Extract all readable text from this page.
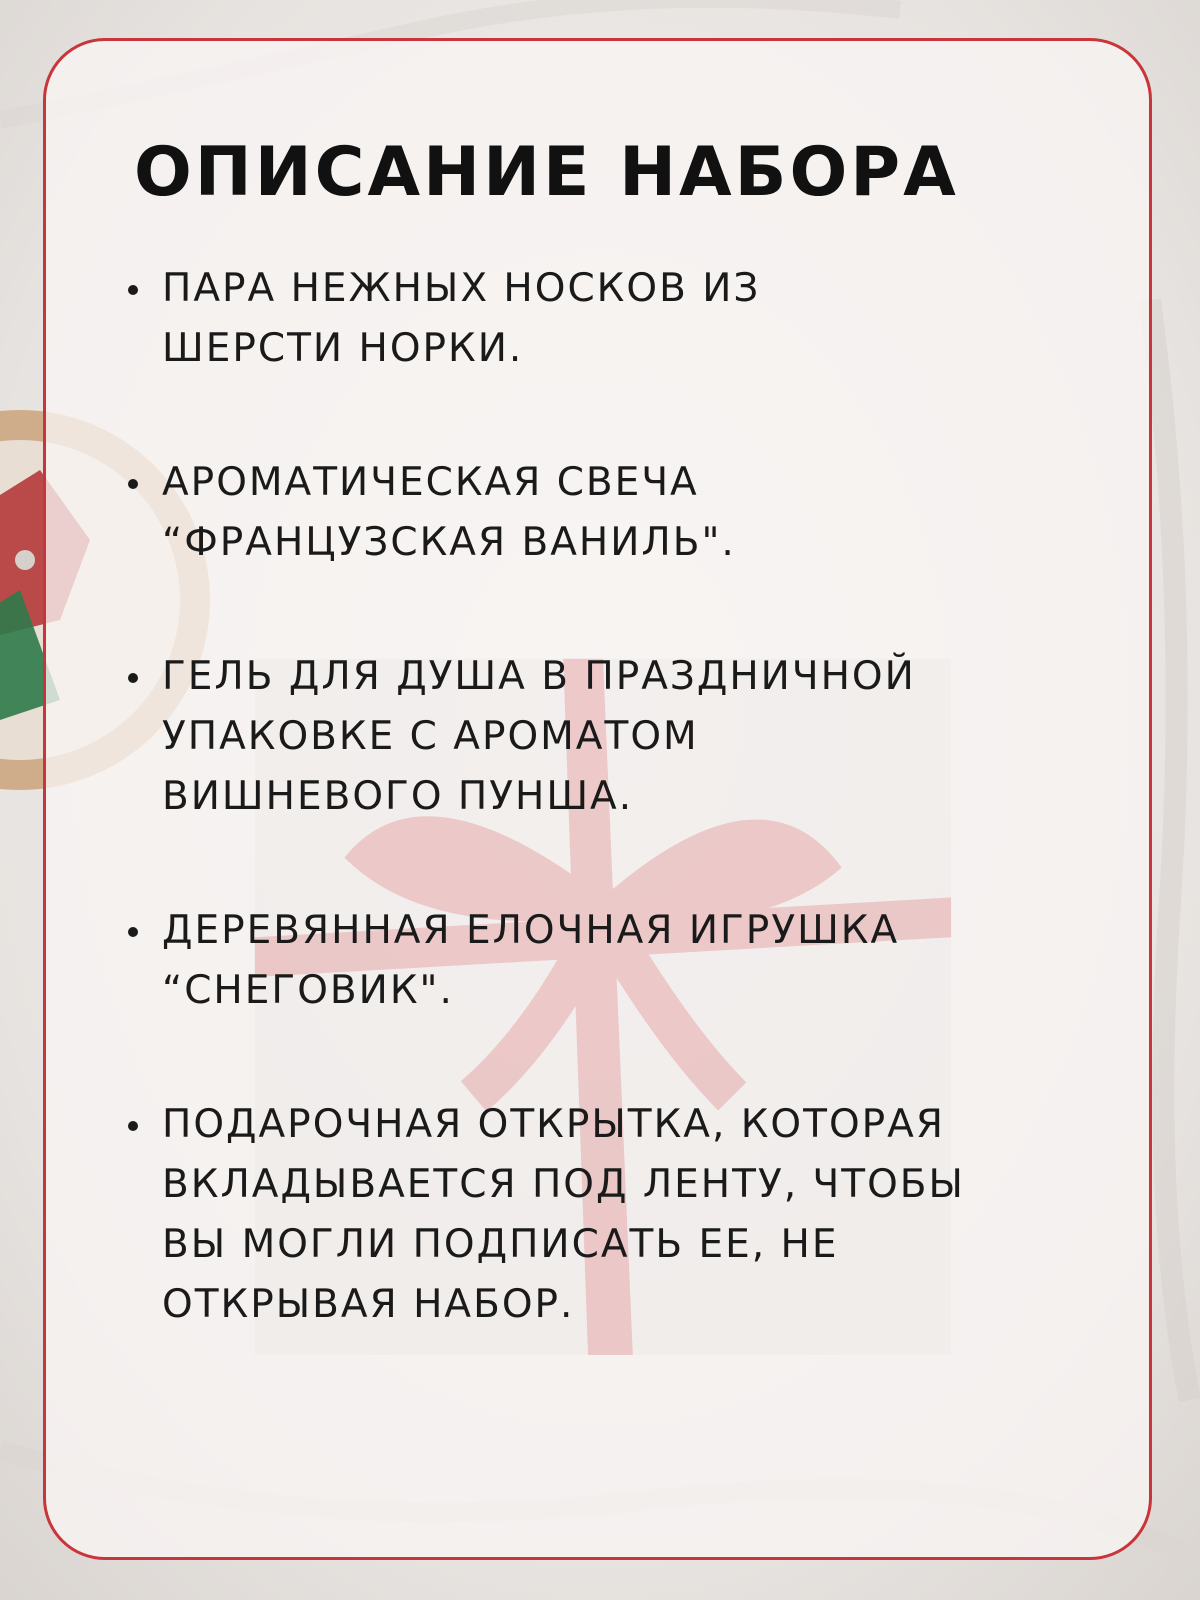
ОПИСАНИЕ НАБОРА
ПАРА НЕЖНЫХ НОСКОВ ИЗ
ШЕРСТИ НОРКИ.
АРОМАТИЧЕСКАЯ СВЕЧА
“ФРАНЦУЗСКАЯ ВАНИЛЬ".
ГЕЛЬ ДЛЯ ДУША В ПРАЗДНИЧНОЙ
УПАКОВКЕ С АРОМАТОМ
ВИШНЕВОГО ПУНША.
ДЕРЕВЯННАЯ ЕЛОЧНАЯ ИГРУШКА
“СНЕГОВИК".
ПОДАРОЧНАЯ ОТКРЫТКА, КОТОРАЯ
ВКЛАДЫВАЕТСЯ ПОД ЛЕНТУ, ЧТОБЫ
ВЫ МОГЛИ ПОДПИСАТЬ ЕЕ, НЕ
ОТКРЫВАЯ НАБОР.
